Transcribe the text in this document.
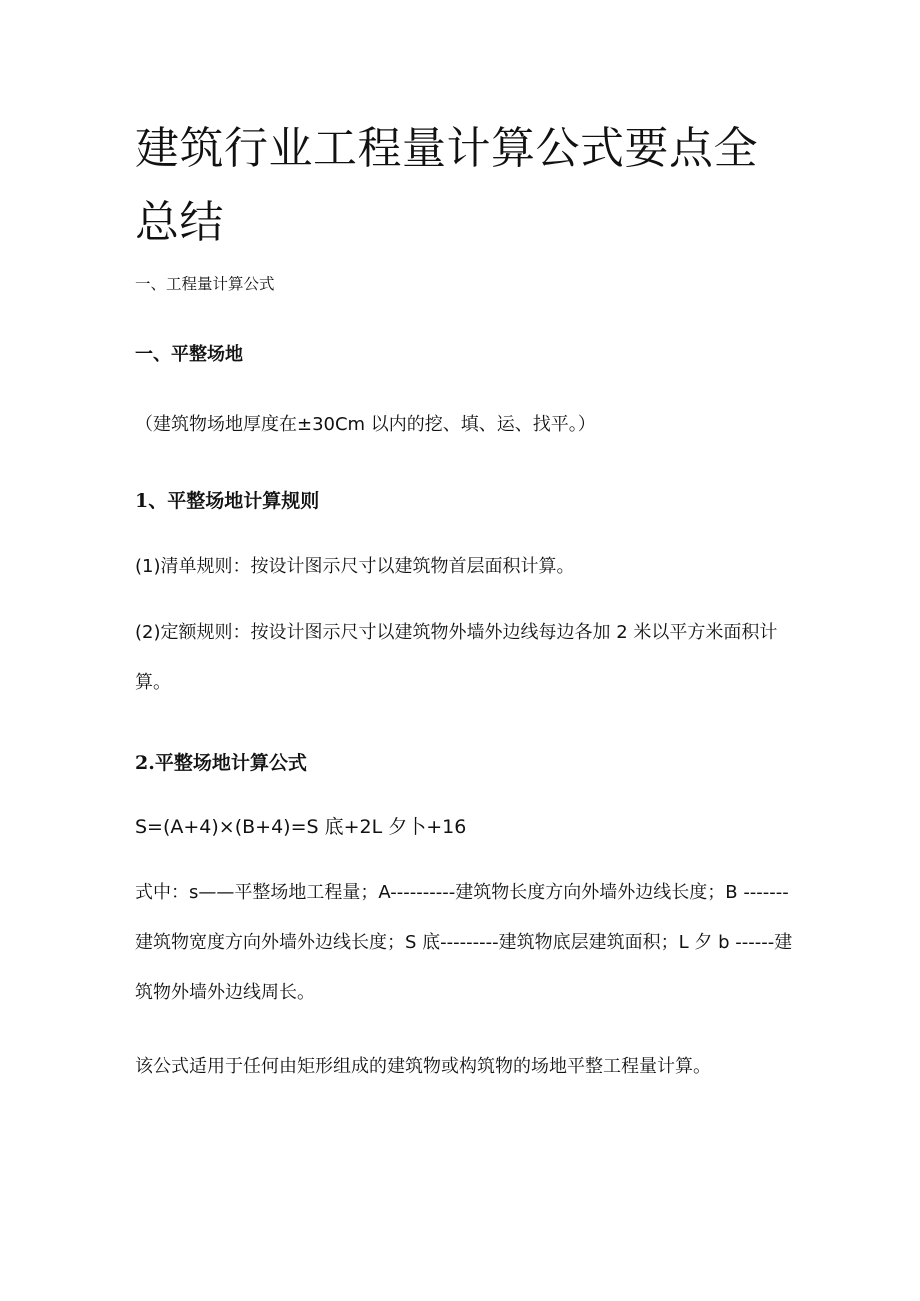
建筑行业工程量计算公式要点全总结

一、工程量计算公式

一、平整场地

（建筑物场地厚度在±30Cm 以内的挖、填、运、找平。）

1、平整场地计算规则

(1)清单规则：按设计图示尺寸以建筑物首层面积计算。

(2)定额规则：按设计图示尺寸以建筑物外墙外边线每边各加 2 米以平方米面积计算。

2.平整场地计算公式

S=(A+4)×(B+4)=S 底+2L 夕卜+16

式中：s——平整场地工程量；A----------建筑物长度方向外墙外边线长度；B -------建筑物宽度方向外墙外边线长度；S 底---------建筑物底层建筑面积；L 夕 b ------建筑物外墙外边线周长。

该公式适用于任何由矩形组成的建筑物或构筑物的场地平整工程量计算。
